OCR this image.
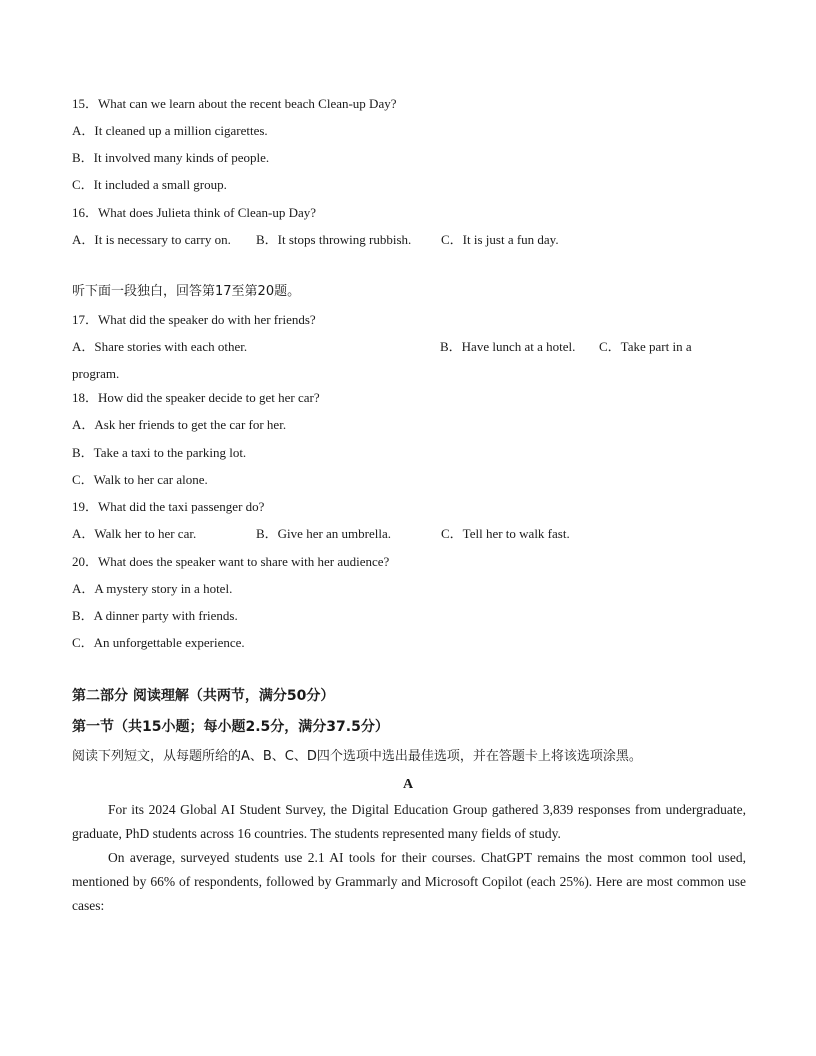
15．What can we learn about the recent beach Clean-up Day?
A．It cleaned up a million cigarettes.
B．It involved many kinds of people.
C．It included a small group.
16．What does Julieta think of Clean-up Day?
A．It is necessary to carry on. B．It stops throwing rubbish. C．It is just a fun day.
听下面一段独白，回答第17至第20题。
17．What did the speaker do with her friends?
A．Share stories with each other.	B．Have lunch at a hotel. C．Take part in a
program.
18．How did the speaker decide to get her car?
A．Ask her friends to get the car for her.
B．Take a taxi to the parking lot.
C．Walk to her car alone.
19．What did the taxi passenger do?
A．Walk her to her car.	B．Give her an umbrella.	C．Tell her to walk fast.
20．What does the speaker want to share with her audience?
A．A mystery story in a hotel.
B．A dinner party with friends.
C．An unforgettable experience.
第二部分 阅读理解（共两节，满分50分）
第一节（共15小题；每小题2.5分，满分37.5分）
阅读下列短文，从每题所给的A、B、C、D四个选项中选出最佳选项，并在答题卡上将该选项涂黑。
A
For its 2024 Global AI Student Survey, the Digital Education Group gathered 3,839 responses from undergraduate, graduate, PhD students across 16 countries. The students represented many fields of study.
On average, surveyed students use 2.1 AI tools for their courses. ChatGPT remains the most common tool used, mentioned by 66% of respondents, followed by Grammarly and Microsoft Copilot (each 25%). Here are most common use cases:
